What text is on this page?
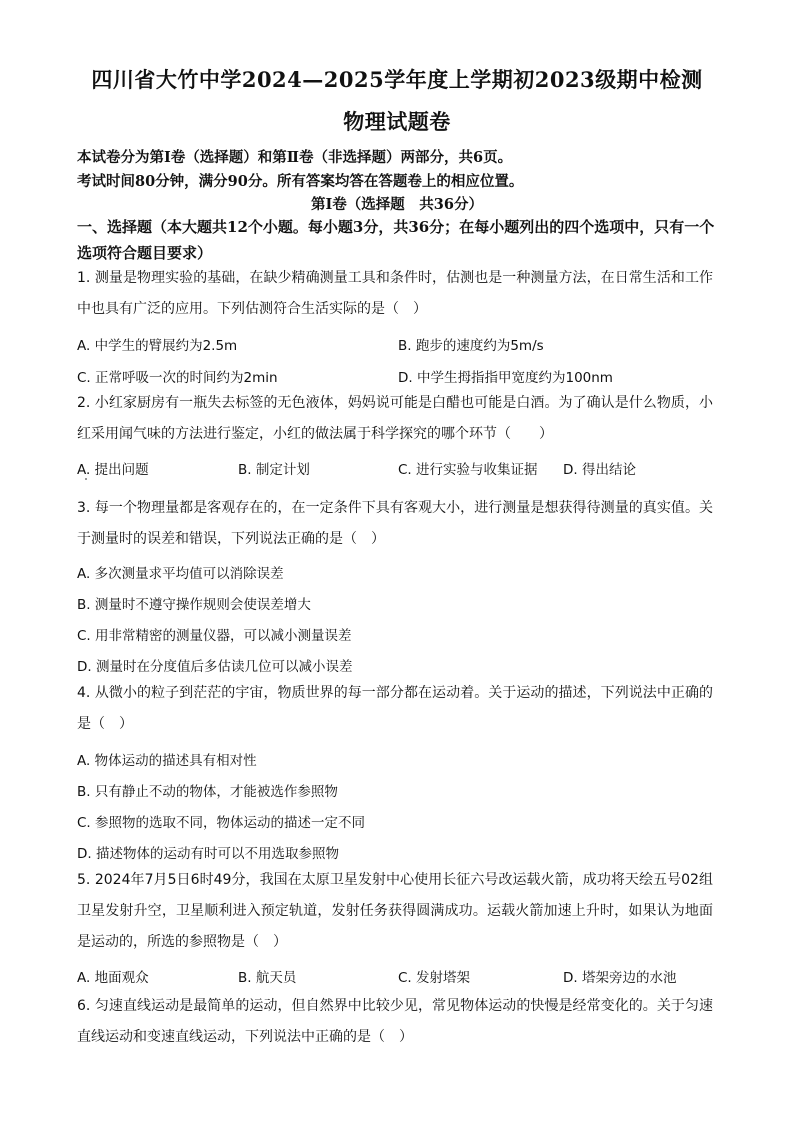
四川省大竹中学2024—2025学年度上学期初2023级期中检测
物理试题卷
本试卷分为第Ⅰ卷（选择题）和第Ⅱ卷（非选择题）两部分，共6页。
考试时间80分钟，满分90分。所有答案均答在答题卷上的相应位置。
第Ⅰ卷（选择题　共36分）
一、选择题（本大题共12个小题。每小题3分，共36分；在每小题列出的四个选项中，只有一个选项符合题目要求）
1. 测量是物理实验的基础，在缺少精确测量工具和条件时，估测也是一种测量方法，在日常生活和工作中也具有广泛的应用。下列估测符合生活实际的是（　）
A. 中学生的臂展约为2.5m	B. 跑步的速度约为5m/s
C. 正常呼吸一次的时间约为2min	D. 中学生拇指指甲宽度约为100nm
2. 小红家厨房有一瓶失去标签的无色液体，妈妈说可能是白醋也可能是白酒。为了确认是什么物质，小红采用闻气味的方法进行鉴定，小红的做法属于科学探究的哪个环节（　　）
A. 提出问题	B. 制定计划	C. 进行实验与收集证据 D. 得出结论
3. 每一个物理量都是客观存在的，在一定条件下具有客观大小，进行测量是想获得待测量的真实值。关于测量时的误差和错误，下列说法正确的是（　）
A. 多次测量求平均值可以消除误差
B. 测量时不遵守操作规则会使误差增大
C. 用非常精密的测量仪器，可以减小测量误差
D. 测量时在分度值后多估读几位可以减小误差
4. 从微小的粒子到茫茫的宇宙，物质世界的每一部分都在运动着。关于运动的描述，下列说法中正确的是（　）
A. 物体运动的描述具有相对性
B. 只有静止不动的物体，才能被选作参照物
C. 参照物的选取不同，物体运动的描述一定不同
D. 描述物体的运动有时可以不用选取参照物
5. 2024年7月5日6时49分，我国在太原卫星发射中心使用长征六号改运载火箭，成功将天绘五号02组卫星发射升空，卫星顺利进入预定轨道，发射任务获得圆满成功。运载火箭加速上升时，如果认为地面是运动的，所选的参照物是（　）
A. 地面观众	B. 航天员	C. 发射塔架	D. 塔架旁边的水池
6. 匀速直线运动是最简单的运动，但自然界中比较少见，常见物体运动的快慢是经常变化的。关于匀速直线运动和变速直线运动，下列说法中正确的是（　）
